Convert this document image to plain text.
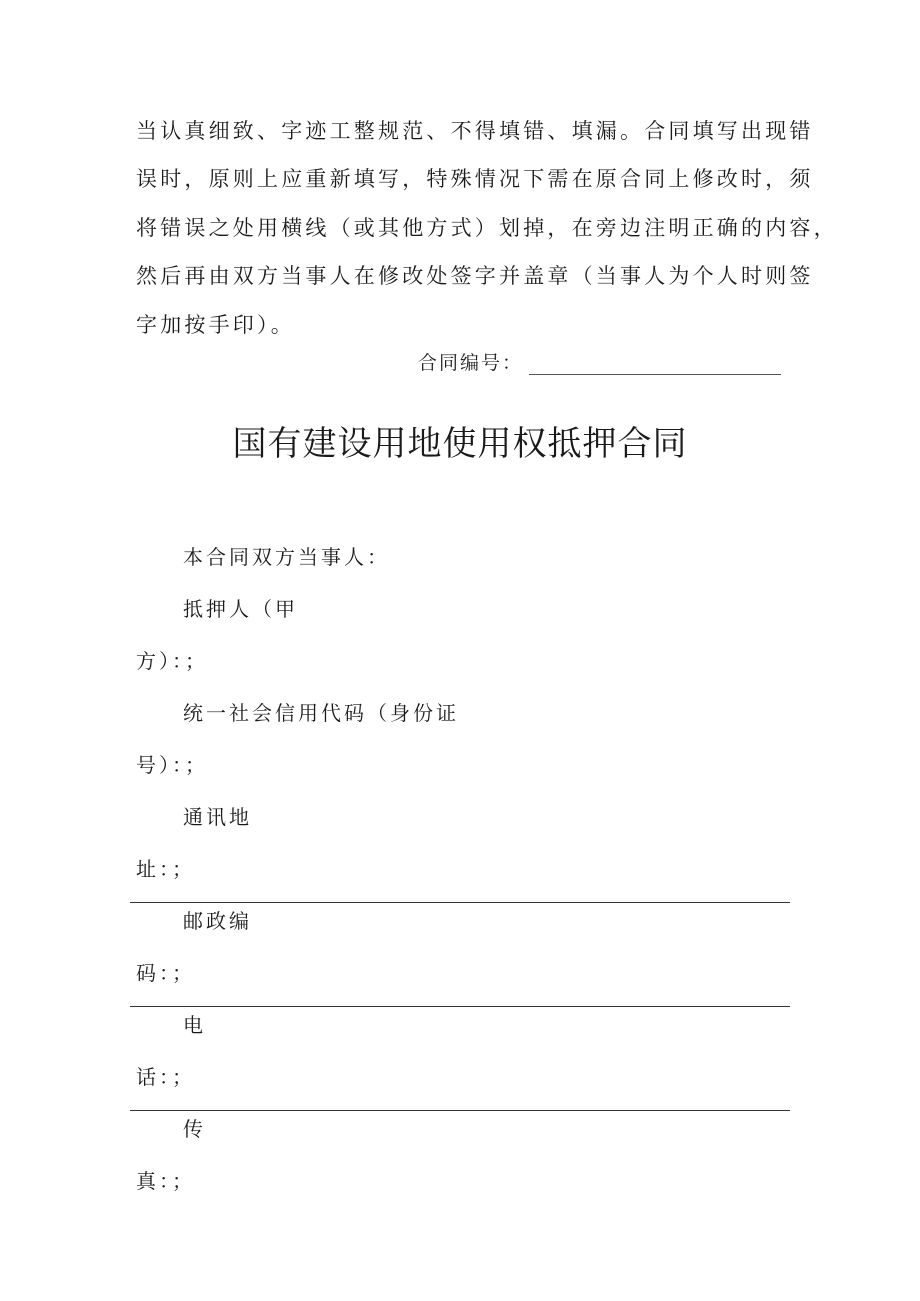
当认真细致、字迹工整规范、不得填错、填漏。合同填写出现错
误时，原则上应重新填写，特殊情况下需在原合同上修改时，须
将错误之处用横线（或其他方式）划掉，在旁边注明正确的内容，
然后再由双方当事人在修改处签字并盖章（当事人为个人时则签
字加按手印）。
合同编号：
国有建设用地使用权抵押合同
本合同双方当事人：
抵押人（甲
方）：；
统一社会信用代码（身份证
号）：；
通讯地
址：；
邮政编
码：；
电
话：；
传
真：；
